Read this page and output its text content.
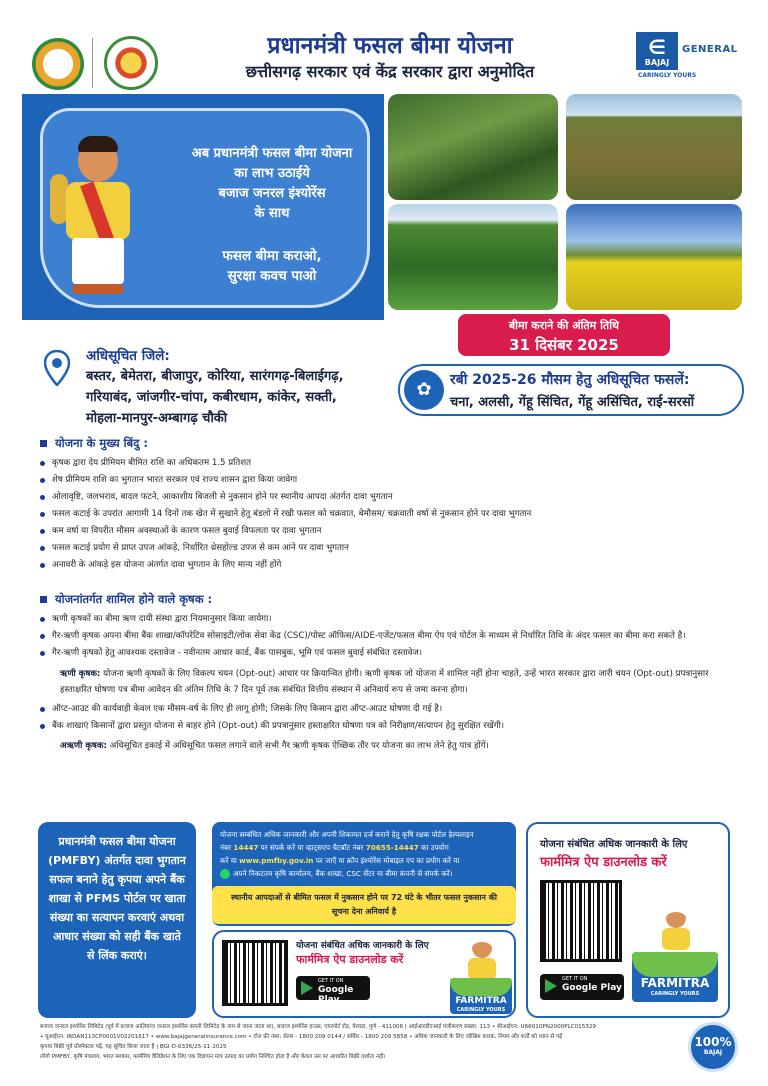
प्रधानमंत्री फसल बीमा योजना
छत्तीसगढ़ सरकार एवं केंद्र सरकार द्वारा अनुमोदित
∈
BAJAJ
GENERAL
CARINGLY YOURS
अब प्रधानमंत्री फसल बीमा योजना
का लाभ उठाईये
बजाज जनरल इंश्योरेंस
के साथ
फसल बीमा कराओ,
सुरक्षा कवच पाओ
बीमा कराने की अंतिम तिथि
31 दिसंबर 2025
अधिसूचित जिले:
बस्तर, बेमेतरा, बीजापुर, कोरिया, सारंगगढ़-बिलाईगढ़,
गरियाबंद, जांजगीर-चांपा, कबीरधाम, कांकेर, सक्ती,
मोहला-मानपुर-अम्बागढ़ चौकी
✿	रबी 2025-26 मौसम हेतु अधिसूचित फसलें:
चना, अलसी, गेंहू सिंचित, गेंहू असिंचित, राई-सरसों
योजना के मुख्य बिंदु :
कृषक द्वारा देय प्रीमियम बीमित राशि का अधिकतम 1.5 प्रतिशत
शेष प्रीमियम राशि का भुगतान भारत सरकार एवं राज्य शासन द्वारा किया जावेगा
ओलावृष्टि, जलभराव, बादल फटने, आकाशीय बिजली से नुकसान होने पर स्थानीय आपदा अंतर्गत दावा भुगतान
फसल कटाई के उपरांत आगामी 14 दिनों तक खेत में सुखाने हेतु बंडलो में रखी फसल को चक्रवात, बेमौसम/ चक्रवाती वर्षा से नुकसान होने पर दावा भुगतान
कम वर्षा या विपरीत मौसम अवस्थाओं के कारण फसल बुवाई विफलता पर दावा भुगतान
फसल कटाई प्रयोग से प्राप्त उपज आंकड़े, निर्धारित थ्रेसहोल्ड उपज से कम आने पर दावा भुगतान
अनावरी के आंकड़े इस योजना अंतर्गत दावा भुगतान के लिए मान्य नहीं होंगे
योजनांतर्गत शामिल होने वाले कृषक :
ऋणी कृषकों का बीमा ऋण दायी संस्था द्वारा नियमानुसार किया जायेगा।
गैर-ऋणी कृषक अपना बीमा बैंक शाखा/कॉपरेटिव सोसाइटी/लोक सेवा केंद्र (CSC)/पोस्ट ऑफिस/AIDE-एजेंट/फसल बीमा ऐप एवं पोर्टल के माध्यम से निर्धारित तिथि के अंदर फसल का बीमा करा सकते है।
गैर-ऋणी कृषकों हेतु आवश्यक दस्तावेज - नवीनतम आधार कार्ड, बैंक पासबुक, भूमि एवं फसल बुवाई संबंधित दस्तावेज।
ऋणी कृषक: योजना ऋणी कृषकों के लिए विकल्प चयन (Opt-out) आधार पर क्रियान्वित होगी। ऋणी कृषक जो योजना में शामिल नहीं होना चाहते, उन्हें भारत सरकार द्वारा जारी चयन (Opt-out) प्रपत्रानुसार हस्ताक्षरित घोषणा पत्र बीमा आवेदन की अंतिम तिथि के 7 दिन पूर्व तक संबंधित वित्तीय संस्थान में अनिवार्य रूप से जमा करना होगा।
ऑप्ट-आउट की कार्यवाही केवल एक मौसम-वर्ष के लिए ही लागू होगी; जिसके लिए किसान द्वारा ऑप्ट-आउट घोषणा दी गई है।
बैंक शाखाएं किसानों द्वारा प्रस्तुत योजना से बाहर होने (Opt-out) की प्रपत्रानुसार हस्ताक्षरित घोषणा पत्र को निरीक्षण/सत्यापन हेतु सुरक्षित रखेंगी।
अऋणी कृषक: अधिसूचित इकाई में अधिसूचित फसल लगाने वाले सभी गैर ऋणी कृषक ऐच्छिक तौर पर योजना का लाभ लेने हेतु पात्र होंगें।
प्रधानमंत्री फसल बीमा योजना (PMFBY) अंतर्गत दावा भुगतान सफल बनाने हेतु कृपया अपने बैंक शाखा से PFMS पोर्टल पर खाता संख्या का सत्यापन करवाएं अथवा आधार संख्या को सही बैंक खाते से लिंक कराएं।
योजना सम्बंधित अधिक जानकारी और अपनी शिकायत दर्ज कराने हेतु कृषि रक्षक पोर्टल हेल्पलाइन
नंबर 14447 पर संपर्क करें या व्हाट्सएप चैटबॉट नंबर 70655-14447 का उपयोग
करें या www.pmfby.gov.in पर जाएँ या क्रॉप इंश्योरेंस मोबाइल एप का प्रयोग करें या
अपने निकटतम कृषि कार्यालय, बैंक शाखा, CSC सेंटर या बीमा कंपनी से संपर्क करें।
स्थानीय आपदाओं से बीमित फसल में नुकसान होने पर 72 घंटे के भीतर फसल नुकसान की सूचना देना अनिवार्य है
योजना संबंधित अधिक जानकारी के लिए
फार्ममित्र ऐप डाउनलोड करें
GET IT ON
Google Play	FARMITRA
CARINGLY YOURS
योजना संबंधित अधिक जानकारी के लिए
फार्ममित्र ऐप डाउनलोड करें
GET IT ON
Google Play	FARMITRA
CARINGLY YOURS
बजाज जनरल इंश्योरेंस लिमिटेड (पूर्व में बजाज आलियांज जनरल इंश्योरेंस कंपनी लिमिटेड के नाम से जाना जाता था), बजाज इंश्योरेंस हाउस, एयरपोर्ट रोड, येरवडा, पुणे - 411006 | आईआरडीएआई पंजीकरण संख्या: 113 • सीआईएन: U66010PN2000PLC015329
• यूआईएन: IRDAN113CP0001V02201617 • www.bajajgeneralinsurance.com • टोल फ्री नंबर: सेल्स - 1800 209 0144 / सर्विस - 1800 209 5858 • अधिक जानकारी के लिए जोखिम कारक, नियम और शर्तों को ध्यान से पढ़ें
कृपया बिक्री पूर्व प्रोस्पेक्टस पढ़ें, यह सूचित किया जाता है | BGI-D-0336/25-11-2025
लोगो PMFBY, कृषि मंत्रालय, भारत सरकार, फार्ममित्र वैलिडेशन के लिए एक विज्ञापन मात्र उत्पाद का प्रयोग निश्चित होता है और केवल उस पर आधारित बिक्री दर्शाता नहीं।
100%
BAJAJ
